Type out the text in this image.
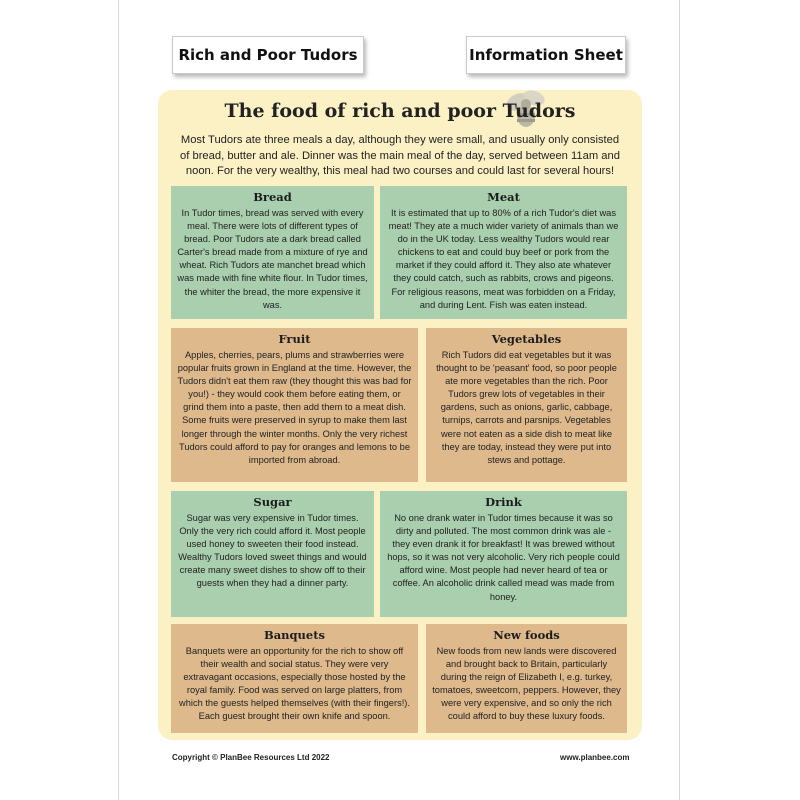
Rich and Poor Tudors	Information Sheet
The food of rich and poor Tudors
Most Tudors ate three meals a day, although they were small, and usually only consisted of bread, butter and ale. Dinner was the main meal of the day, served between 11am and noon. For the very wealthy, this meal had two courses and could last for several hours!
Bread

In Tudor times, bread was served with every meal. There were lots of different types of bread. Poor Tudors ate a dark bread called Carter's bread made from a mixture of rye and wheat. Rich Tudors ate manchet bread which was made with fine white flour. In Tudor times, the whiter the bread, the more expensive it was.

Meat

It is estimated that up to 80% of a rich Tudor's diet was meat! They ate a much wider variety of animals than we do in the UK today. Less wealthy Tudors would rear chickens to eat and could buy beef or pork from the market if they could afford it. They also ate whatever they could catch, such as rabbits, crows and pigeons. For religious reasons, meat was forbidden on a Friday, and during Lent. Fish was eaten instead.

Fruit

Apples, cherries, pears, plums and strawberries were popular fruits grown in England at the time. However, the Tudors didn't eat them raw (they thought this was bad for you!) - they would cook them before eating them, or grind them into a paste, then add them to a meat dish. Some fruits were preserved in syrup to make them last longer through the winter months. Only the very richest Tudors could afford to pay for oranges and lemons to be imported from abroad.

Vegetables

Rich Tudors did eat vegetables but it was thought to be 'peasant' food, so poor people ate more vegetables than the rich. Poor Tudors grew lots of vegetables in their gardens, such as onions, garlic, cabbage, turnips, carrots and parsnips. Vegetables were not eaten as a side dish to meat like they are today, instead they were put into stews and pottage.

Sugar

Sugar was very expensive in Tudor times. Only the very rich could afford it. Most people used honey to sweeten their food instead. Wealthy Tudors loved sweet things and would create many sweet dishes to show off to their guests when they had a dinner party.

Drink

No one drank water in Tudor times because it was so dirty and polluted. The most common drink was ale - they even drank it for breakfast! It was brewed without hops, so it was not very alcoholic. Very rich people could afford wine. Most people had never heard of tea or coffee. An alcoholic drink called mead was made from honey.

Banquets

Banquets were an opportunity for the rich to show off their wealth and social status. They were very extravagant occasions, especially those hosted by the royal family. Food was served on large platters, from which the guests helped themselves (with their fingers!). Each guest brought their own knife and spoon.

New foods

New foods from new lands were discovered and brought back to Britain, particularly during the reign of Elizabeth I, e.g. turkey, tomatoes, sweetcorn, peppers. However, they were very expensive, and so only the rich could afford to buy these luxury foods.

Copyright © PlanBee Resources Ltd 2022	www.planbee.com
